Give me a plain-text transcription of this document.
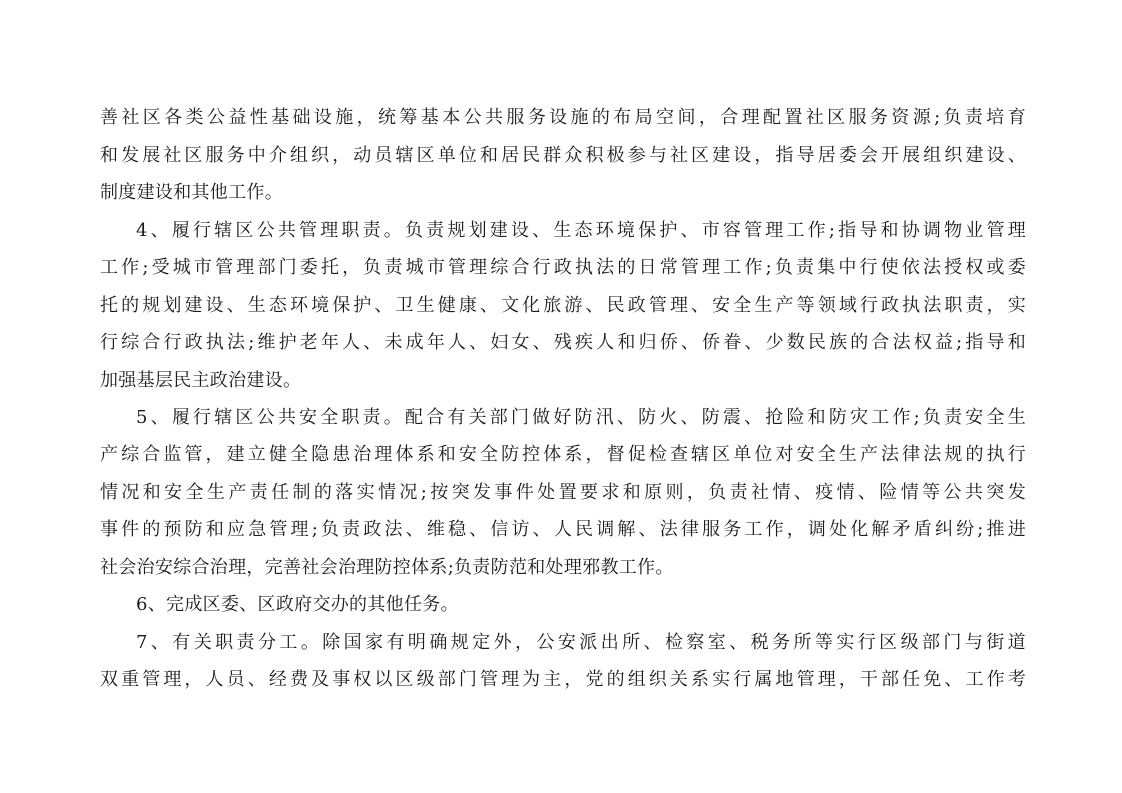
善社区各类公益性基础设施，统筹基本公共服务设施的布局空间，合理配置社区服务资源;负责培育
和发展社区服务中介组织，动员辖区单位和居民群众积极参与社区建设，指导居委会开展组织建设、
制度建设和其他工作。
4、履行辖区公共管理职责。负责规划建设、生态环境保护、市容管理工作;指导和协调物业管理
工作;受城市管理部门委托，负责城市管理综合行政执法的日常管理工作;负责集中行使依法授权或委
托的规划建设、生态环境保护、卫生健康、文化旅游、民政管理、安全生产等领域行政执法职责，实
行综合行政执法;维护老年人、未成年人、妇女、残疾人和归侨、侨眷、少数民族的合法权益;指导和
加强基层民主政治建设。
5、履行辖区公共安全职责。配合有关部门做好防汛、防火、防震、抢险和防灾工作;负责安全生
产综合监管，建立健全隐患治理体系和安全防控体系，督促检查辖区单位对安全生产法律法规的执行
情况和安全生产责任制的落实情况;按突发事件处置要求和原则，负责社情、疫情、险情等公共突发
事件的预防和应急管理;负责政法、维稳、信访、人民调解、法律服务工作，调处化解矛盾纠纷;推进
社会治安综合治理，完善社会治理防控体系;负责防范和处理邪教工作。
6、完成区委、区政府交办的其他任务。
7、有关职责分工。除国家有明确规定外，公安派出所、检察室、税务所等实行区级部门与街道
双重管理，人员、经费及事权以区级部门管理为主，党的组织关系实行属地管理，干部任免、工作考
